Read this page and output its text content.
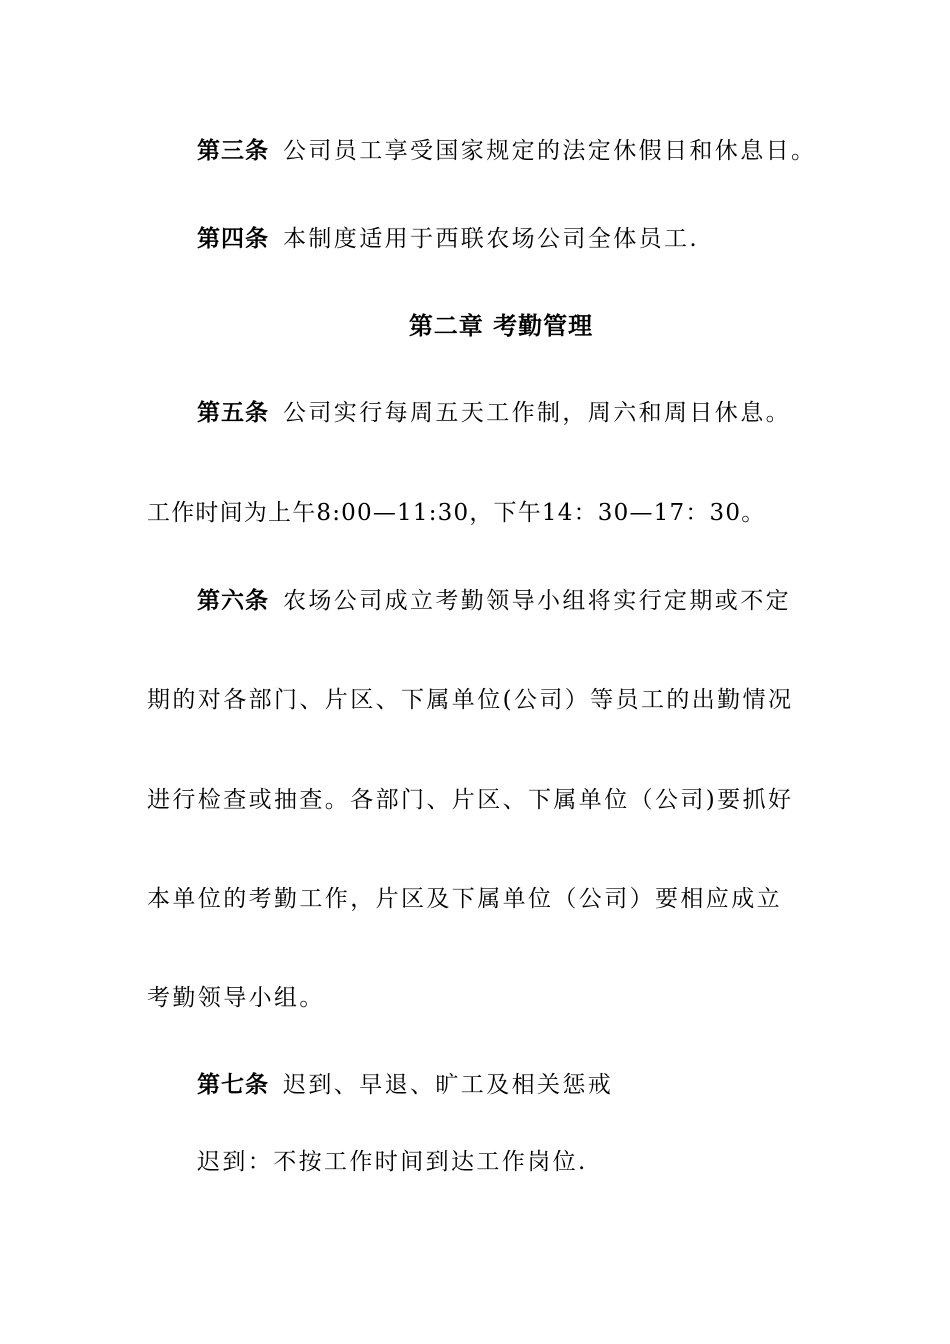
第三条 公司员工享受国家规定的法定休假日和休息日。
第四条 本制度适用于西联农场公司全体员工.
第二章 考勤管理
第五条 公司实行每周五天工作制，周六和周日休息。
工作时间为上午8:00—11:30，下午14：30—17：30。
第六条 农场公司成立考勤领导小组将实行定期或不定
期的对各部门、片区、下属单位(公司）等员工的出勤情况
进行检查或抽查。各部门、片区、下属单位（公司)要抓好
本单位的考勤工作，片区及下属单位（公司）要相应成立
考勤领导小组。
第七条 迟到、早退、旷工及相关惩戒
迟到：不按工作时间到达工作岗位.
